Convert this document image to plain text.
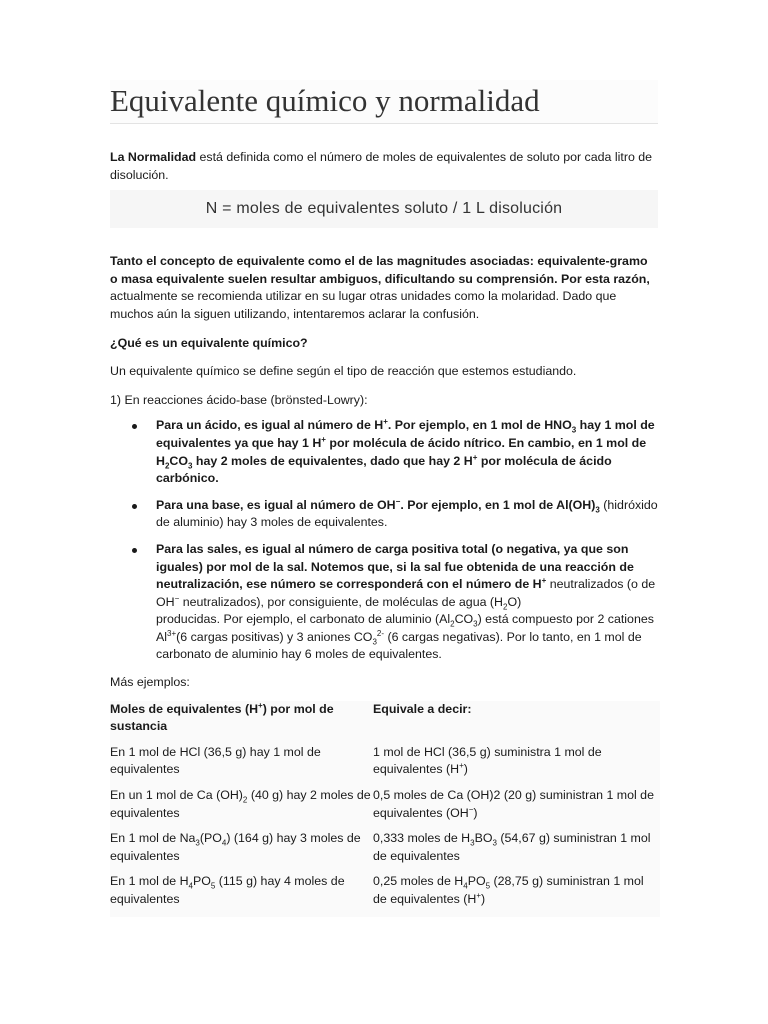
Equivalente químico y normalidad

La Normalidad está definida como el número de moles de equivalentes de soluto por cada litro de disolución.

N = moles de equivalentes soluto / 1 L disolución

Tanto el concepto de equivalente como el de las magnitudes asociadas: equivalente-gramo o masa equivalente suelen resultar ambiguos, dificultando su comprensión. Por esta razón, actualmente se recomienda utilizar en su lugar otras unidades como la molaridad. Dado que muchos aún la siguen utilizando, intentaremos aclarar la confusión.

¿Qué es un equivalente químico?

Un equivalente químico se define según el tipo de reacción que estemos estudiando.

1) En reacciones ácido-base (brönsted-Lowry):

Para un ácido, es igual al número de H+. Por ejemplo, en 1 mol de $HNO_3$ hay 1 mol de equivalentes ya que hay 1 H+ por molécula de ácido nítrico. En cambio, en 1 mol de $H_2CO_3$ hay 2 moles de equivalentes, dado que hay 2 H+ por molécula de ácido carbónico.
Para una base, es igual al número de OH−. Por ejemplo, en 1 mol de $Al(OH)_3$ (hidróxido de aluminio) hay 3 moles de equivalentes.
Para las sales, es igual al número de carga positiva total (o negativa, ya que son iguales) por mol de la sal. Notemos que, si la sal fue obtenida de una reacción de neutralización, ese número se corresponderá con el número de H+ neutralizados (o de OH− neutralizados), por consiguiente, de moléculas de agua $(H_2O)$
producidas. Por ejemplo, el carbonato de aluminio $(Al_2CO_3)$ está compuesto por 2 cationes $Al^{3+}(6$ cargas positivas) y 3 aniones $CO_3^{2-}$ (6 cargas negativas). Por lo tanto, en 1 mol de carbonato de aluminio hay 6 moles de equivalentes.

Más ejemplos:

Moles de equivalentes (H+) por mol de sustancia	Equivale a decir:
En 1 mol de HCl (36,5 g) hay 1 mol de equivalentes	1 mol de HCl (36,5 g) suministra 1 mol de equivalentes (H+)
En un 1 mol de Ca $(OH)_2$ (40 g) hay 2 moles de equivalentes	0,5 moles de Ca (OH)2 (20 g) suministran 1 mol de equivalentes (OH−)
En 1 mol de $Na_3(PO_4)$ (164 g) hay 3 moles de equivalentes	0,333 moles de $H_3BO_3$ (54,67 g) suministran 1 mol de equivalentes
En 1 mol de $H_4PO_5$ (115 g) hay 4 moles de equivalentes	0,25 moles de $H_4PO_5$ (28,75 g) suministran 1 mol de equivalentes (H+)
